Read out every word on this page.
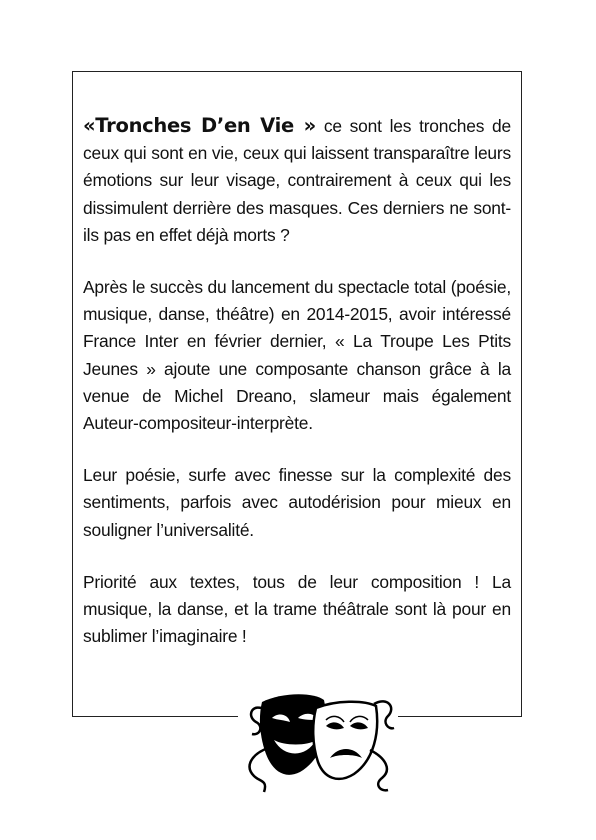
«Tronches D’en Vie » ce sont les tronches de ceux qui sont en vie, ceux qui laissent transparaître leurs émotions sur leur visage, contrairement à ceux qui les dissimulent derrière des masques. Ces derniers ne sont-ils pas en effet déjà morts ?

Après le succès du lancement du spectacle total (poésie, musique, danse, théâtre) en 2014-2015, avoir intéressé France Inter en février dernier, « La Troupe Les Ptits Jeunes » ajoute une composante chanson grâce à la venue de Michel Dreano, slameur mais également Auteur-compositeur-interprète.

Leur poésie, surfe avec finesse sur la complexité des sentiments, parfois avec autodérision pour mieux en souligner l’universalité.

Priorité aux textes, tous de leur composition ! La musique, la danse, et la trame théâtrale sont là pour en sublimer l’imaginaire !
